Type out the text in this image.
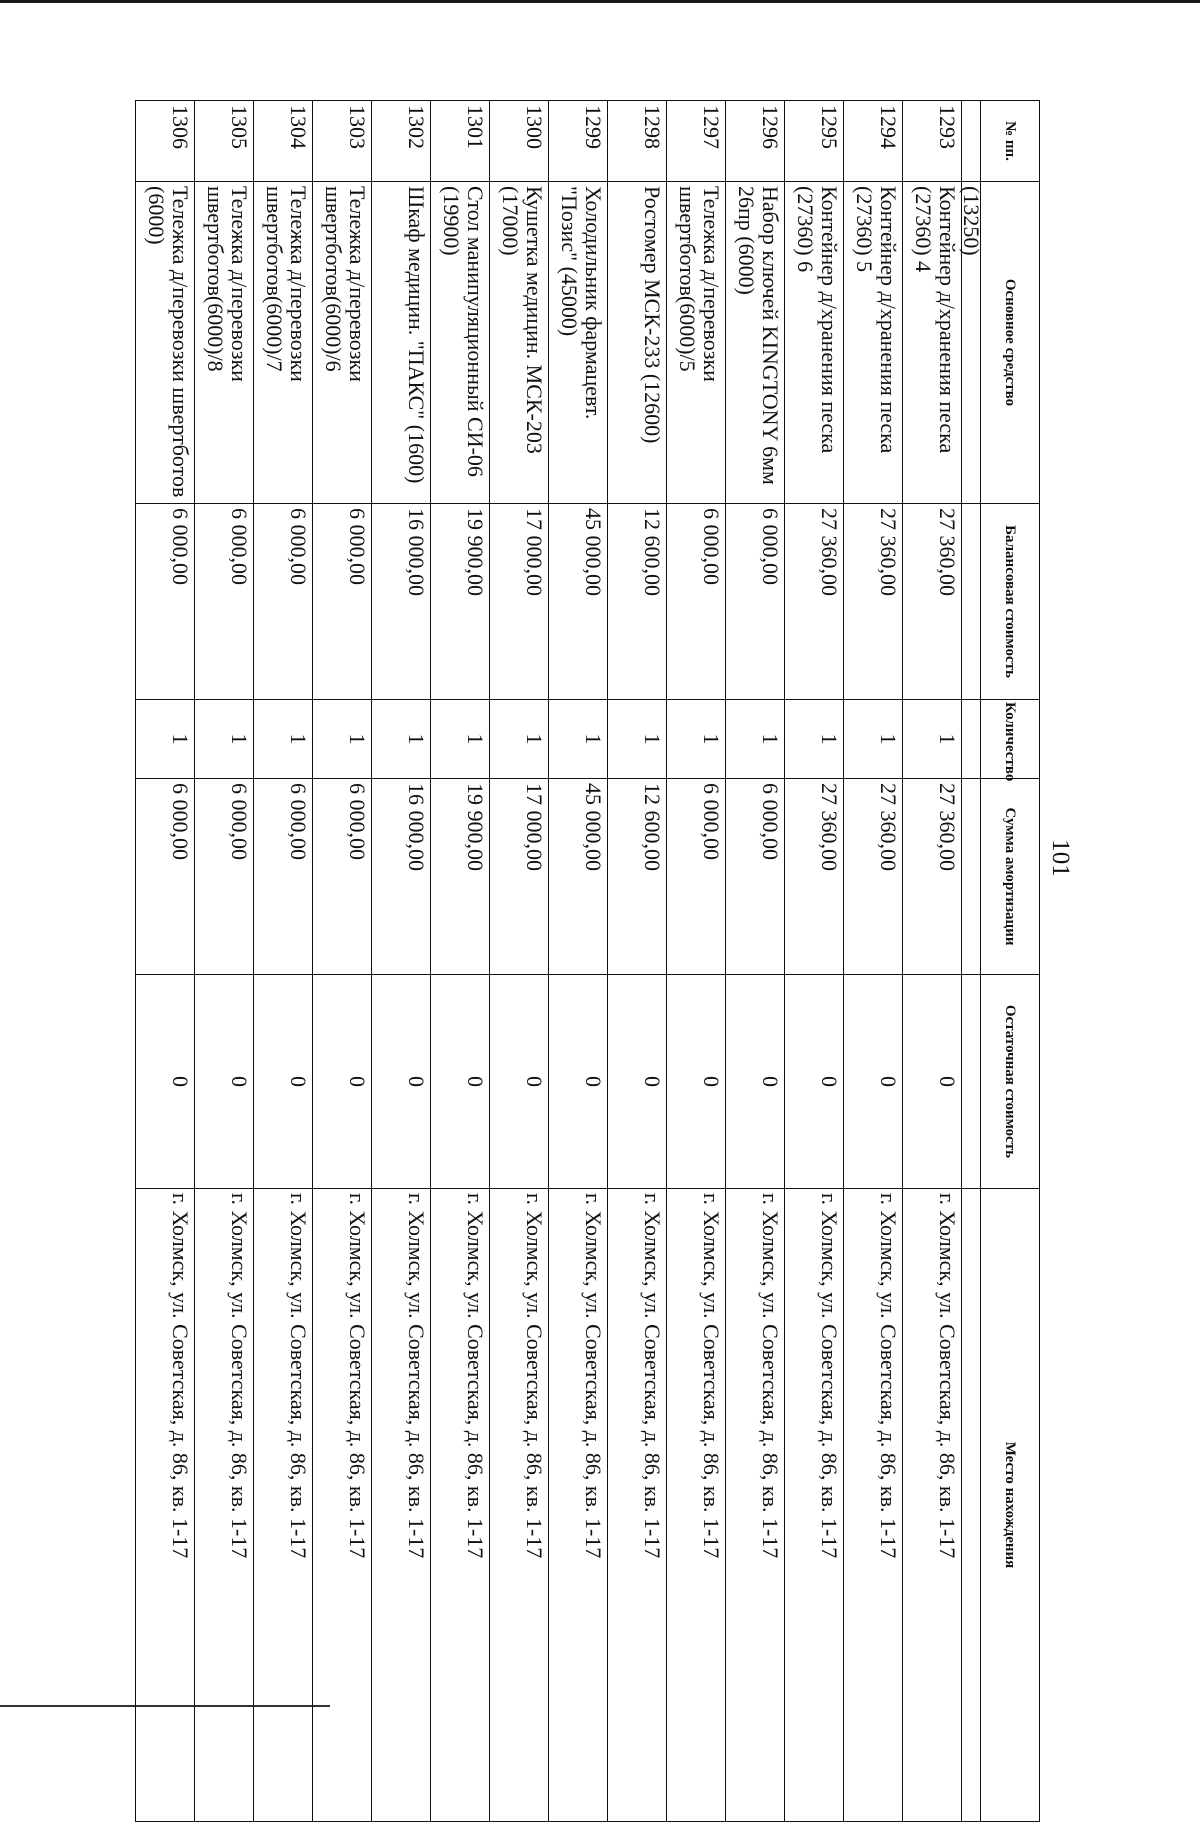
101
№ пп.	Основное средство	Балансовая стоимость	Количество	Сумма амортизации	Остаточная стоимость	Место нахождения
	(13250)					
1293	Контейнер д/хранения песка (27360) 4	27 360,00	1	27 360,00	0	г. Холмск, ул. Советская, д. 86, кв. 1-17
1294	Контейнер д/хранения песка (27360) 5	27 360,00	1	27 360,00	0	г. Холмск, ул. Советская, д. 86, кв. 1-17
1295	Контейнер д/хранения песка (27360) 6	27 360,00	1	27 360,00	0	г. Холмск, ул. Советская, д. 86, кв. 1-17
1296	Набор ключей KINGTONY 6мм 26пр (6000)	6 000,00	1	6 000,00	0	г. Холмск, ул. Советская, д. 86, кв. 1-17
1297	Тележка д/перевозки швертботов(6000)/5	6 000,00	1	6 000,00	0	г. Холмск, ул. Советская, д. 86, кв. 1-17
1298	Ростомер МСК-233 (12600)	12 600,00	1	12 600,00	0	г. Холмск, ул. Советская, д. 86, кв. 1-17
1299	Холодильник фармацевт. "Позис" (45000)	45 000,00	1	45 000,00	0	г. Холмск, ул. Советская, д. 86, кв. 1-17
1300	Кушетка медицин. МСК-203 (17000)	17 000,00	1	17 000,00	0	г. Холмск, ул. Советская, д. 86, кв. 1-17
1301	Стол манипуляционный СИ-06 (19900)	19 900,00	1	19 900,00	0	г. Холмск, ул. Советская, д. 86, кв. 1-17
1302	Шкаф медицин. "ПАКС" (1600)	16 000,00	1	16 000,00	0	г. Холмск, ул. Советская, д. 86, кв. 1-17
1303	Тележка д/перевозки швертботов(6000)/6	6 000,00	1	6 000,00	0	г. Холмск, ул. Советская, д. 86, кв. 1-17
1304	Тележка д/перевозки швертботов(6000)/7	6 000,00	1	6 000,00	0	г. Холмск, ул. Советская, д. 86, кв. 1-17
1305	Тележка д/перевозки швертботов(6000)/8	6 000,00	1	6 000,00	0	г. Холмск, ул. Советская, д. 86, кв. 1-17
1306	Тележка д/перевозки швертботов (6000)	6 000,00	1	6 000,00	0	г. Холмск, ул. Советская, д. 86, кв. 1-17
